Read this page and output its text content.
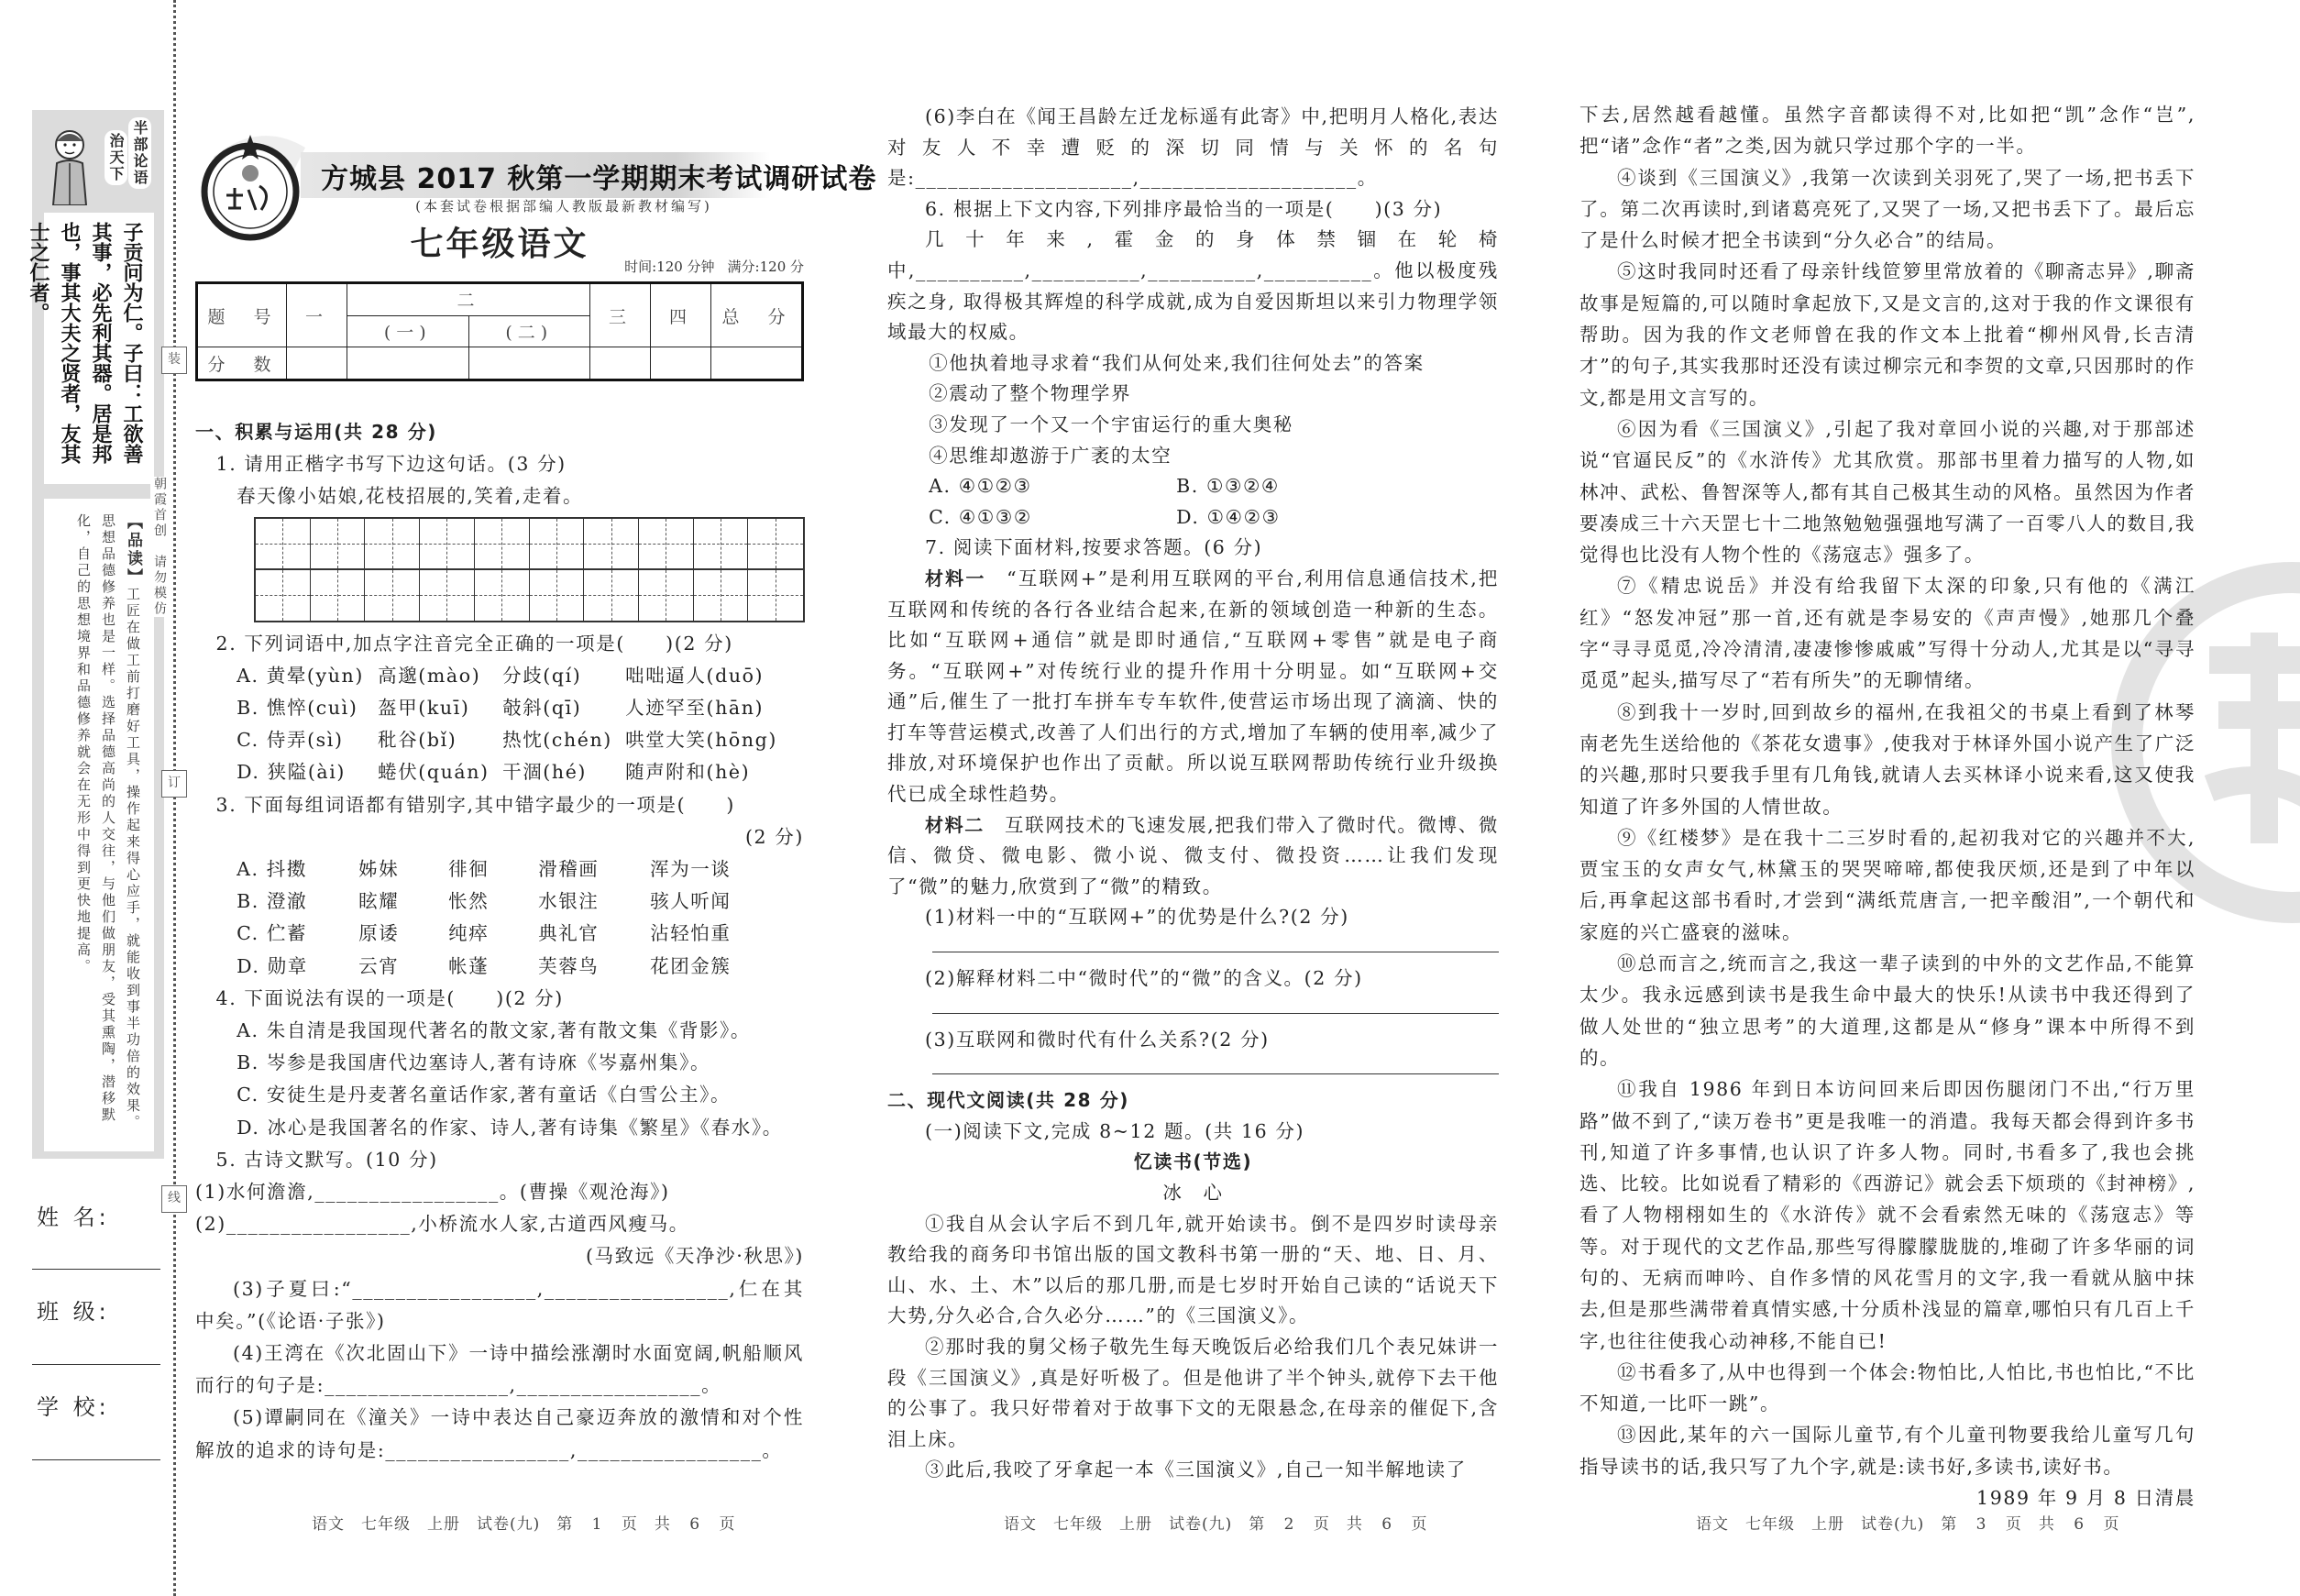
半部论语
治天下
子贡问为仁。子曰：工欲善其事，必先利其器。居是邦也，事其大夫之贤者，友其士之仁者。
【品读】工匠在做工前打磨好工具，操作起来得心应手，就能收到事半功倍的效果。思想品德修养也是一样。选择品德高尚的人交往，与他们做朋友，受其熏陶，潜移默化，自己的思想境界和品德修养就会在无形中得到更快地提高。
姓 名:
班 级:
学 校:
装
订
线
朝霞首创　请勿模仿
方城县 2017 秋第一学期期末考试调研试卷
(本套试卷根据部编人教版最新教材编写)
七年级语文
时间:120 分钟 满分:120 分
题　号	一	二		三	四	总　分
		(一)	(二)			
分　数						
一、积累与运用(共 28 分)
1. 请用正楷字书写下边这句话。(3 分)
春天像小姑娘,花枝招展的,笑着,走着。
2. 下列词语中,加点字注音完全正确的一项是(　　)(2 分)
A. 黄晕(yùn) 高邈(mào)	分歧(qí)	咄咄逼人(duō)
B. 憔悴(cuì)	盔甲(kuī)	攲斜(qī)	人迹罕至(hān)
C. 侍弄(sì)	秕谷(bǐ)	热忱(chén) 哄堂大笑(hōng)
D. 狭隘(ài)	蜷伏(quán) 干涸(hé)	随声附和(hè)
3. 下面每组词语都有错别字,其中错字最少的一项是(　　)
(2 分)
A. 抖擞	姊妹	徘徊	滑稽画	浑为一谈
B. 澄澈	眩耀	怅然	水银注	骇人听闻
C. 伫蓄	原诿	纯瘁	典礼官	沾轻怕重
D. 勋章	云宵	帐蓬	芙蓉鸟	花团金簇
4. 下面说法有误的一项是(　　)(2 分)
A. 朱自清是我国现代著名的散文家,著有散文集《背影》。
B. 岑参是我国唐代边塞诗人,著有诗庥《岑嘉州集》。
C. 安徒生是丹麦著名童话作家,著有童话《白雪公主》。
D. 冰心是我国著名的作家、诗人,著有诗集《繁星》《春水》。
5. 古诗文默写。(10 分)
(1)水何澹澹,_________________。(曹操《观沧海》)
(2)_________________,小桥流水人家,古道西风瘦马。
(马致远《天净沙·秋思》)
(3)子夏曰:“_________________,_________________,仁在其中矣。”(《论语·子张》)
(4)王湾在《次北固山下》一诗中描绘涨潮时水面宽阔,帆船顺风而行的句子是:_________________,_________________。
(5)谭嗣同在《潼关》一诗中表达自己豪迈奔放的激情和对个性解放的追求的诗句是:_________________,_________________。
(6)李白在《闻王昌龄左迁龙标遥有此寄》中,把明月人格化,表达对友人不幸遭贬的深切同情与关怀的名句是:____________________,____________________。
6. 根据上下文内容,下列排序最恰当的一项是(　　)(3 分)
几十年来,霍金的身体禁锢在轮椅中,__________,__________,__________,__________。他以极度残疾之身, 取得极其辉煌的科学成就,成为自爱因斯坦以来引力物理学领域最大的权威。
①他执着地寻求着“我们从何处来,我们往何处去”的答案
②震动了整个物理学界
③发现了一个又一个宇宙运行的重大奥秘
④思维却遨游于广袤的太空
A. ④①②③	B. ①③②④
C. ④①③②	D. ①④②③
7. 阅读下面材料,按要求答题。(6 分)
材料一　 “互联网+”是利用互联网的平台,利用信息通信技术,把互联网和传统的各行各业结合起来,在新的领域创造一种新的生态。比如“互联网+通信”就是即时通信,“互联网+零售”就是电子商务。“互联网+”对传统行业的提升作用十分明显。如“互联网+交通”后,催生了一批打车拼车专车软件,使营运市场出现了滴滴、快的打车等营运模式,改善了人们出行的方式,增加了车辆的使用率,减少了排放,对环境保护也作出了贡献。所以说互联网帮助传统行业升级换代已成全球性趋势。
材料二　 互联网技术的飞速发展,把我们带入了微时代。微博、微信、微贷、微电影、微小说、微支付、微投资……让我们发现了“微”的魅力,欣赏到了“微”的精致。
(1)材料一中的“互联网+”的优势是什么?(2 分)
(2)解释材料二中“微时代”的“微”的含义。(2 分)
(3)互联网和微时代有什么关系?(2 分)
二、现代文阅读(共 28 分)
(一)阅读下文,完成 8~12 题。(共 16 分)
忆读书(节选)
冰　心
①我自从会认字后不到几年,就开始读书。倒不是四岁时读母亲教给我的商务印书馆出版的国文教科书第一册的“天、地、日、月、山、水、土、木”以后的那几册,而是七岁时开始自己读的“话说天下大势,分久必合,合久必分……”的《三国演义》。
②那时我的舅父杨子敬先生每天晚饭后必给我们几个表兄妹讲一段《三国演义》,真是好听极了。但是他讲了半个钟头,就停下去干他的公事了。我只好带着对于故事下文的无限悬念,在母亲的催促下,含泪上床。
③此后,我咬了牙拿起一本《三国演义》,自己一知半解地读了
下去,居然越看越懂。虽然字音都读得不对,比如把“凯”念作“岂”,把“诸”念作“者”之类,因为就只学过那个字的一半。
④谈到《三国演义》,我第一次读到关羽死了,哭了一场,把书丢下了。第二次再读时,到诸葛亮死了,又哭了一场,又把书丢下了。最后忘了是什么时候才把全书读到“分久必合”的结局。
⑤这时我同时还看了母亲针线笸箩里常放着的《聊斋志异》,聊斋故事是短篇的,可以随时拿起放下,又是文言的,这对于我的作文课很有帮助。因为我的作文老师曾在我的作文本上批着“柳州风骨,长吉清才”的句子,其实我那时还没有读过柳宗元和李贺的文章,只因那时的作文,都是用文言写的。
⑥因为看《三国演义》,引起了我对章回小说的兴趣,对于那部述说“官逼民反”的《水浒传》尤其欣赏。那部书里着力描写的人物,如林冲、武松、鲁智深等人,都有其自己极其生动的风格。虽然因为作者要凑成三十六天罡七十二地煞勉勉强强地写满了一百零八人的数目,我觉得也比没有人物个性的《荡寇志》强多了。
⑦《精忠说岳》并没有给我留下太深的印象,只有他的《满江红》“怒发冲冠”那一首,还有就是李易安的《声声慢》,她那几个叠字“寻寻觅觅,冷冷清清,凄凄惨惨戚戚”写得十分动人,尤其是以“寻寻觅觅”起头,描写尽了“若有所失”的无聊情绪。
⑧到我十一岁时,回到故乡的福州,在我祖父的书桌上看到了林琴南老先生送给他的《茶花女遗事》,使我对于林译外国小说产生了广泛的兴趣,那时只要我手里有几角钱,就请人去买林译小说来看,这又使我知道了许多外国的人情世故。
⑨《红楼梦》是在我十二三岁时看的,起初我对它的兴趣并不大,贾宝玉的女声女气,林黛玉的哭哭啼啼,都使我厌烦,还是到了中年以后,再拿起这部书看时,才尝到“满纸荒唐言,一把辛酸泪”,一个朝代和家庭的兴亡盛衰的滋味。
⑩总而言之,统而言之,我这一辈子读到的中外的文艺作品,不能算太少。我永远感到读书是我生命中最大的快乐!从读书中我还得到了做人处世的“独立思考”的大道理,这都是从“修身”课本中所得不到的。
⑪我自 1986 年到日本访问回来后即因伤腿闭门不出,“行万里路”做不到了,“读万卷书”更是我唯一的消遣。我每天都会得到许多书刊,知道了许多事情,也认识了许多人物。同时,书看多了,我也会挑选、比较。比如说看了精彩的《西游记》就会丢下烦琐的《封神榜》,看了人物栩栩如生的《水浒传》就不会看索然无味的《荡寇志》等等。对于现代的文艺作品,那些写得朦朦胧胧的,堆砌了许多华丽的词句的、无病而呻吟、自作多情的风花雪月的文字,我一看就从脑中抹去,但是那些满带着真情实感,十分质朴浅显的篇章,哪怕只有几百上千字,也往往使我心动神移,不能自已!
⑫书看多了,从中也得到一个体会:物怕比,人怕比,书也怕比,“不比不知道,一比吓一跳”。
⑬因此,某年的六一国际儿童节,有个儿童刊物要我给儿童写几句指导读书的话,我只写了九个字,就是:读书好,多读书,读好书。
1989 年 9 月 8 日清晨
语文 七年级 上册 试卷(九) 第 1 页 共 6 页	语文 七年级 上册 试卷(九) 第 2 页 共 6 页	语文 七年级 上册 试卷(九) 第 3 页 共 6 页
